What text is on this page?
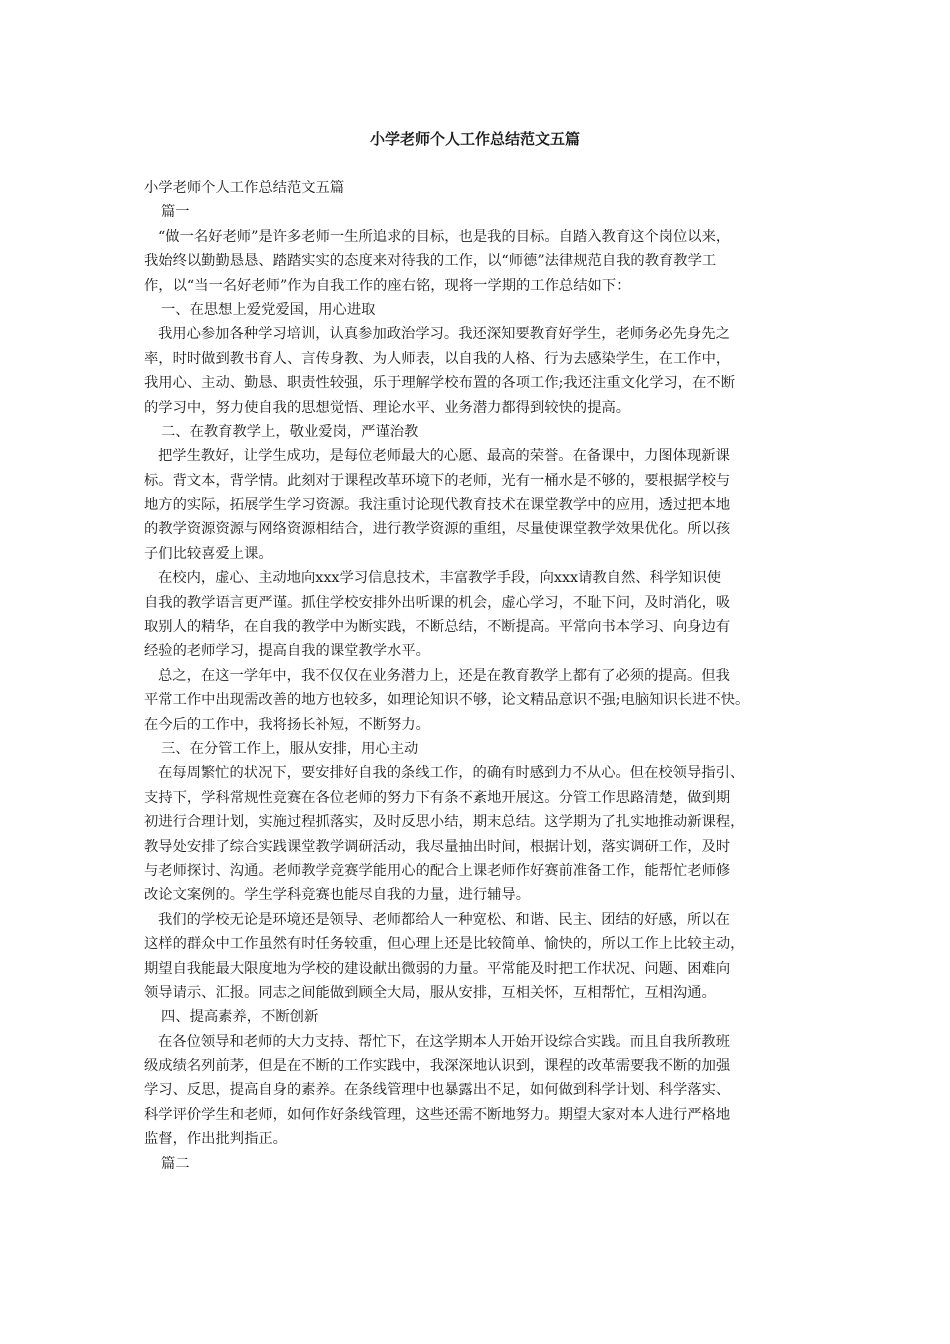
小学老师个人工作总结范文五篇
小学老师个人工作总结范文五篇
篇一
“做一名好老师”是许多老师一生所追求的目标，也是我的目标。自踏入教育这个岗位以来，
我始终以勤勤恳恳、踏踏实实的态度来对待我的工作，以“师德”法律规范自我的教育教学工
作，以“当一名好老师”作为自我工作的座右铭，现将一学期的工作总结如下：
一、在思想上爱党爱国，用心进取
我用心参加各种学习培训，认真参加政治学习。我还深知要教育好学生，老师务必先身先之
率，时时做到教书育人、言传身教、为人师表，以自我的人格、行为去感染学生，在工作中，
我用心、主动、勤恳、职责性较强，乐于理解学校布置的各项工作;我还注重文化学习，在不断
的学习中，努力使自我的思想觉悟、理论水平、业务潜力都得到较快的提高。
二、在教育教学上，敬业爱岗，严谨治教
把学生教好，让学生成功，是每位老师最大的心愿、最高的荣誉。在备课中，力图体现新课
标。背文本，背学情。此刻对于课程改革环境下的老师，光有一桶水是不够的，要根据学校与
地方的实际，拓展学生学习资源。我注重讨论现代教育技术在课堂教学中的应用，透过把本地
的教学资源资源与网络资源相结合，进行教学资源的重组，尽量使课堂教学效果优化。所以孩
子们比较喜爱上课。
在校内，虚心、主动地向xxx学习信息技术，丰富教学手段，向xxx请教自然、科学知识使
自我的教学语言更严谨。抓住学校安排外出听课的机会，虚心学习，不耻下问，及时消化，吸
取别人的精华，在自我的教学中为断实践，不断总结，不断提高。平常向书本学习、向身边有
经验的老师学习，提高自我的课堂教学水平。
总之，在这一学年中，我不仅仅在业务潜力上，还是在教育教学上都有了必须的提高。但我
平常工作中出现需改善的地方也较多，如理论知识不够，论文精品意识不强;电脑知识长进不快。
在今后的工作中，我将扬长补短，不断努力。
三、在分管工作上，服从安排，用心主动
在每周繁忙的状况下，要安排好自我的条线工作，的确有时感到力不从心。但在校领导指引、
支持下，学科常规性竞赛在各位老师的努力下有条不紊地开展这。分管工作思路清楚，做到期
初进行合理计划，实施过程抓落实，及时反思小结，期末总结。这学期为了扎实地推动新课程，
教导处安排了综合实践课堂教学调研活动，我尽量抽出时间，根据计划，落实调研工作，及时
与老师探讨、沟通。老师教学竞赛学能用心的配合上课老师作好赛前准备工作，能帮忙老师修
改论文案例的。学生学科竞赛也能尽自我的力量，进行辅导。
我们的学校无论是环境还是领导、老师都给人一种宽松、和谐、民主、团结的好感，所以在
这样的群众中工作虽然有时任务较重，但心理上还是比较简单、愉快的，所以工作上比较主动，
期望自我能最大限度地为学校的建设献出微弱的力量。平常能及时把工作状况、问题、困难向
领导请示、汇报。同志之间能做到顾全大局，服从安排，互相关怀，互相帮忙，互相沟通。
四、提高素养，不断创新
在各位领导和老师的大力支持、帮忙下，在这学期本人开始开设综合实践。而且自我所教班
级成绩名列前茅，但是在不断的工作实践中，我深深地认识到，课程的改革需要我不断的加强
学习、反思，提高自身的素养。在条线管理中也暴露出不足，如何做到科学计划、科学落实、
科学评价学生和老师，如何作好条线管理，这些还需不断地努力。期望大家对本人进行严格地
监督，作出批判指正。
篇二
